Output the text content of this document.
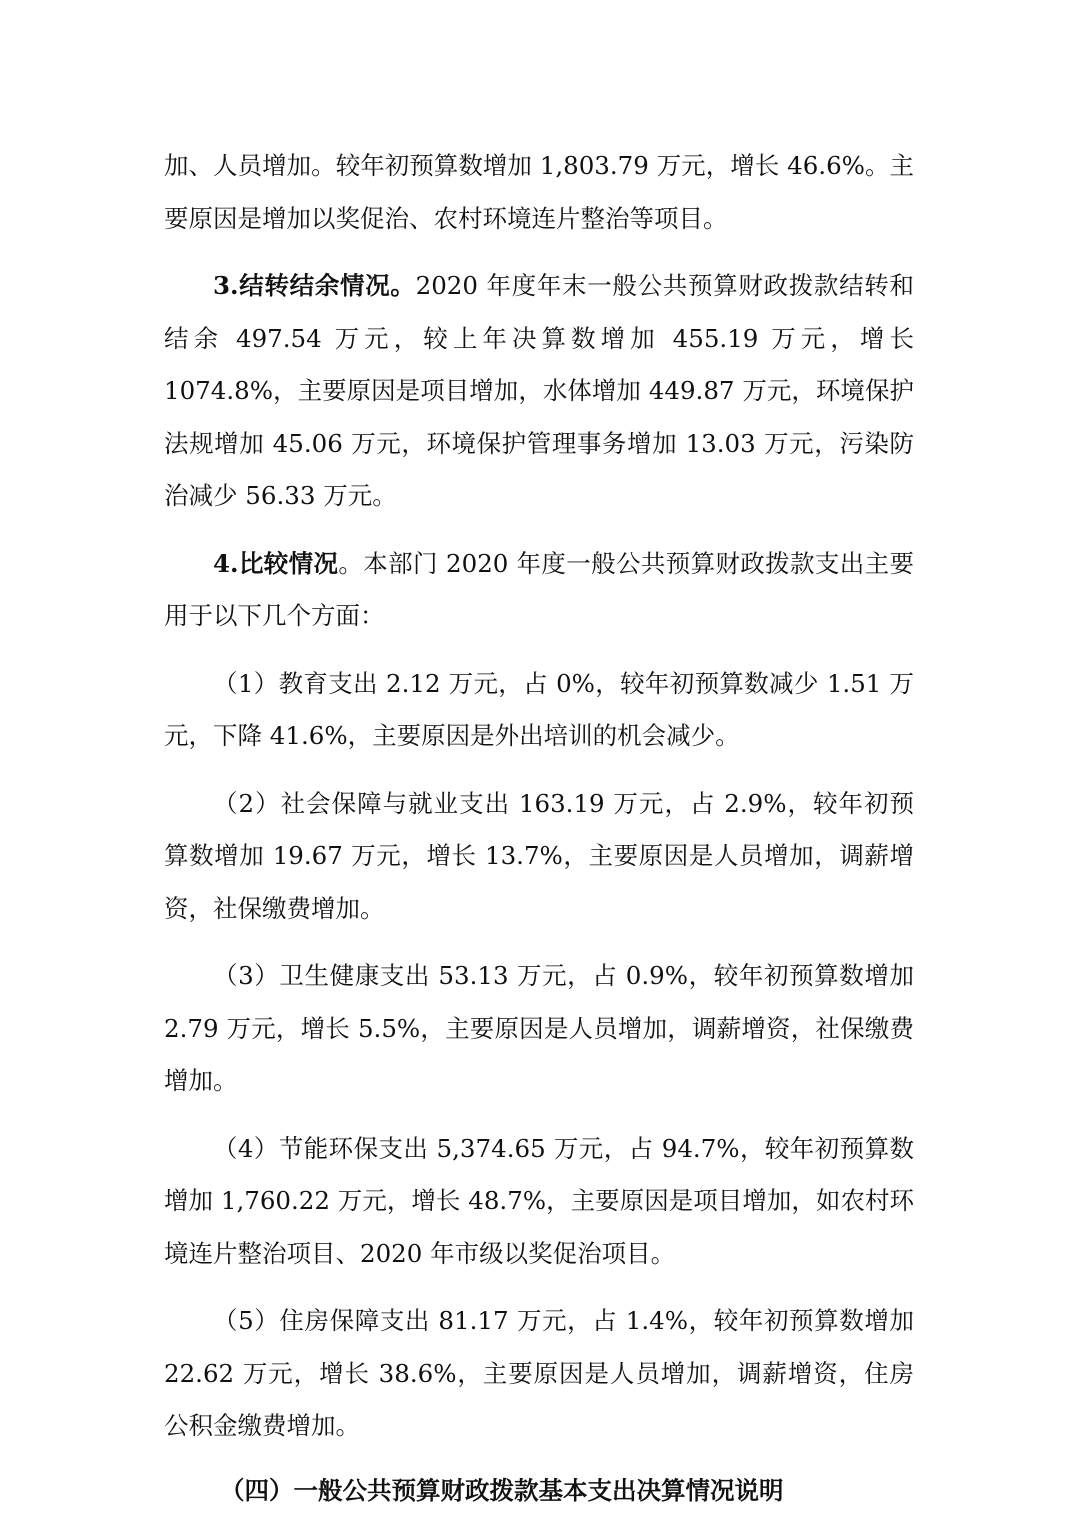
加、人员增加。较年初预算数增加 1,803.79 万元，增长 46.6%。主要原因是增加以奖促治、农村环境连片整治等项目。

3.结转结余情况。2020 年度年末一般公共预算财政拨款结转和结余 497.54 万元，较上年决算数增加 455.19 万元，增长 1074.8%，主要原因是项目增加，水体增加 449.87 万元，环境保护法规增加 45.06 万元，环境保护管理事务增加 13.03 万元，污染防治减少 56.33 万元。

4.比较情况。本部门 2020 年度一般公共预算财政拨款支出主要用于以下几个方面：

（1）教育支出 2.12 万元，占 0%，较年初预算数减少 1.51 万元，下降 41.6%，主要原因是外出培训的机会减少。

（2）社会保障与就业支出 163.19 万元，占 2.9%，较年初预算数增加 19.67 万元，增长 13.7%，主要原因是人员增加，调薪增资，社保缴费增加。

（3）卫生健康支出 53.13 万元，占 0.9%，较年初预算数增加 2.79 万元，增长 5.5%，主要原因是人员增加，调薪增资，社保缴费增加。

（4）节能环保支出 5,374.65 万元，占 94.7%，较年初预算数增加 1,760.22 万元，增长 48.7%，主要原因是项目增加，如农村环境连片整治项目、2020 年市级以奖促治项目。

（5）住房保障支出 81.17 万元，占 1.4%，较年初预算数增加 22.62 万元，增长 38.6%，主要原因是人员增加，调薪增资，住房公积金缴费增加。

（四）一般公共预算财政拨款基本支出决算情况说明
